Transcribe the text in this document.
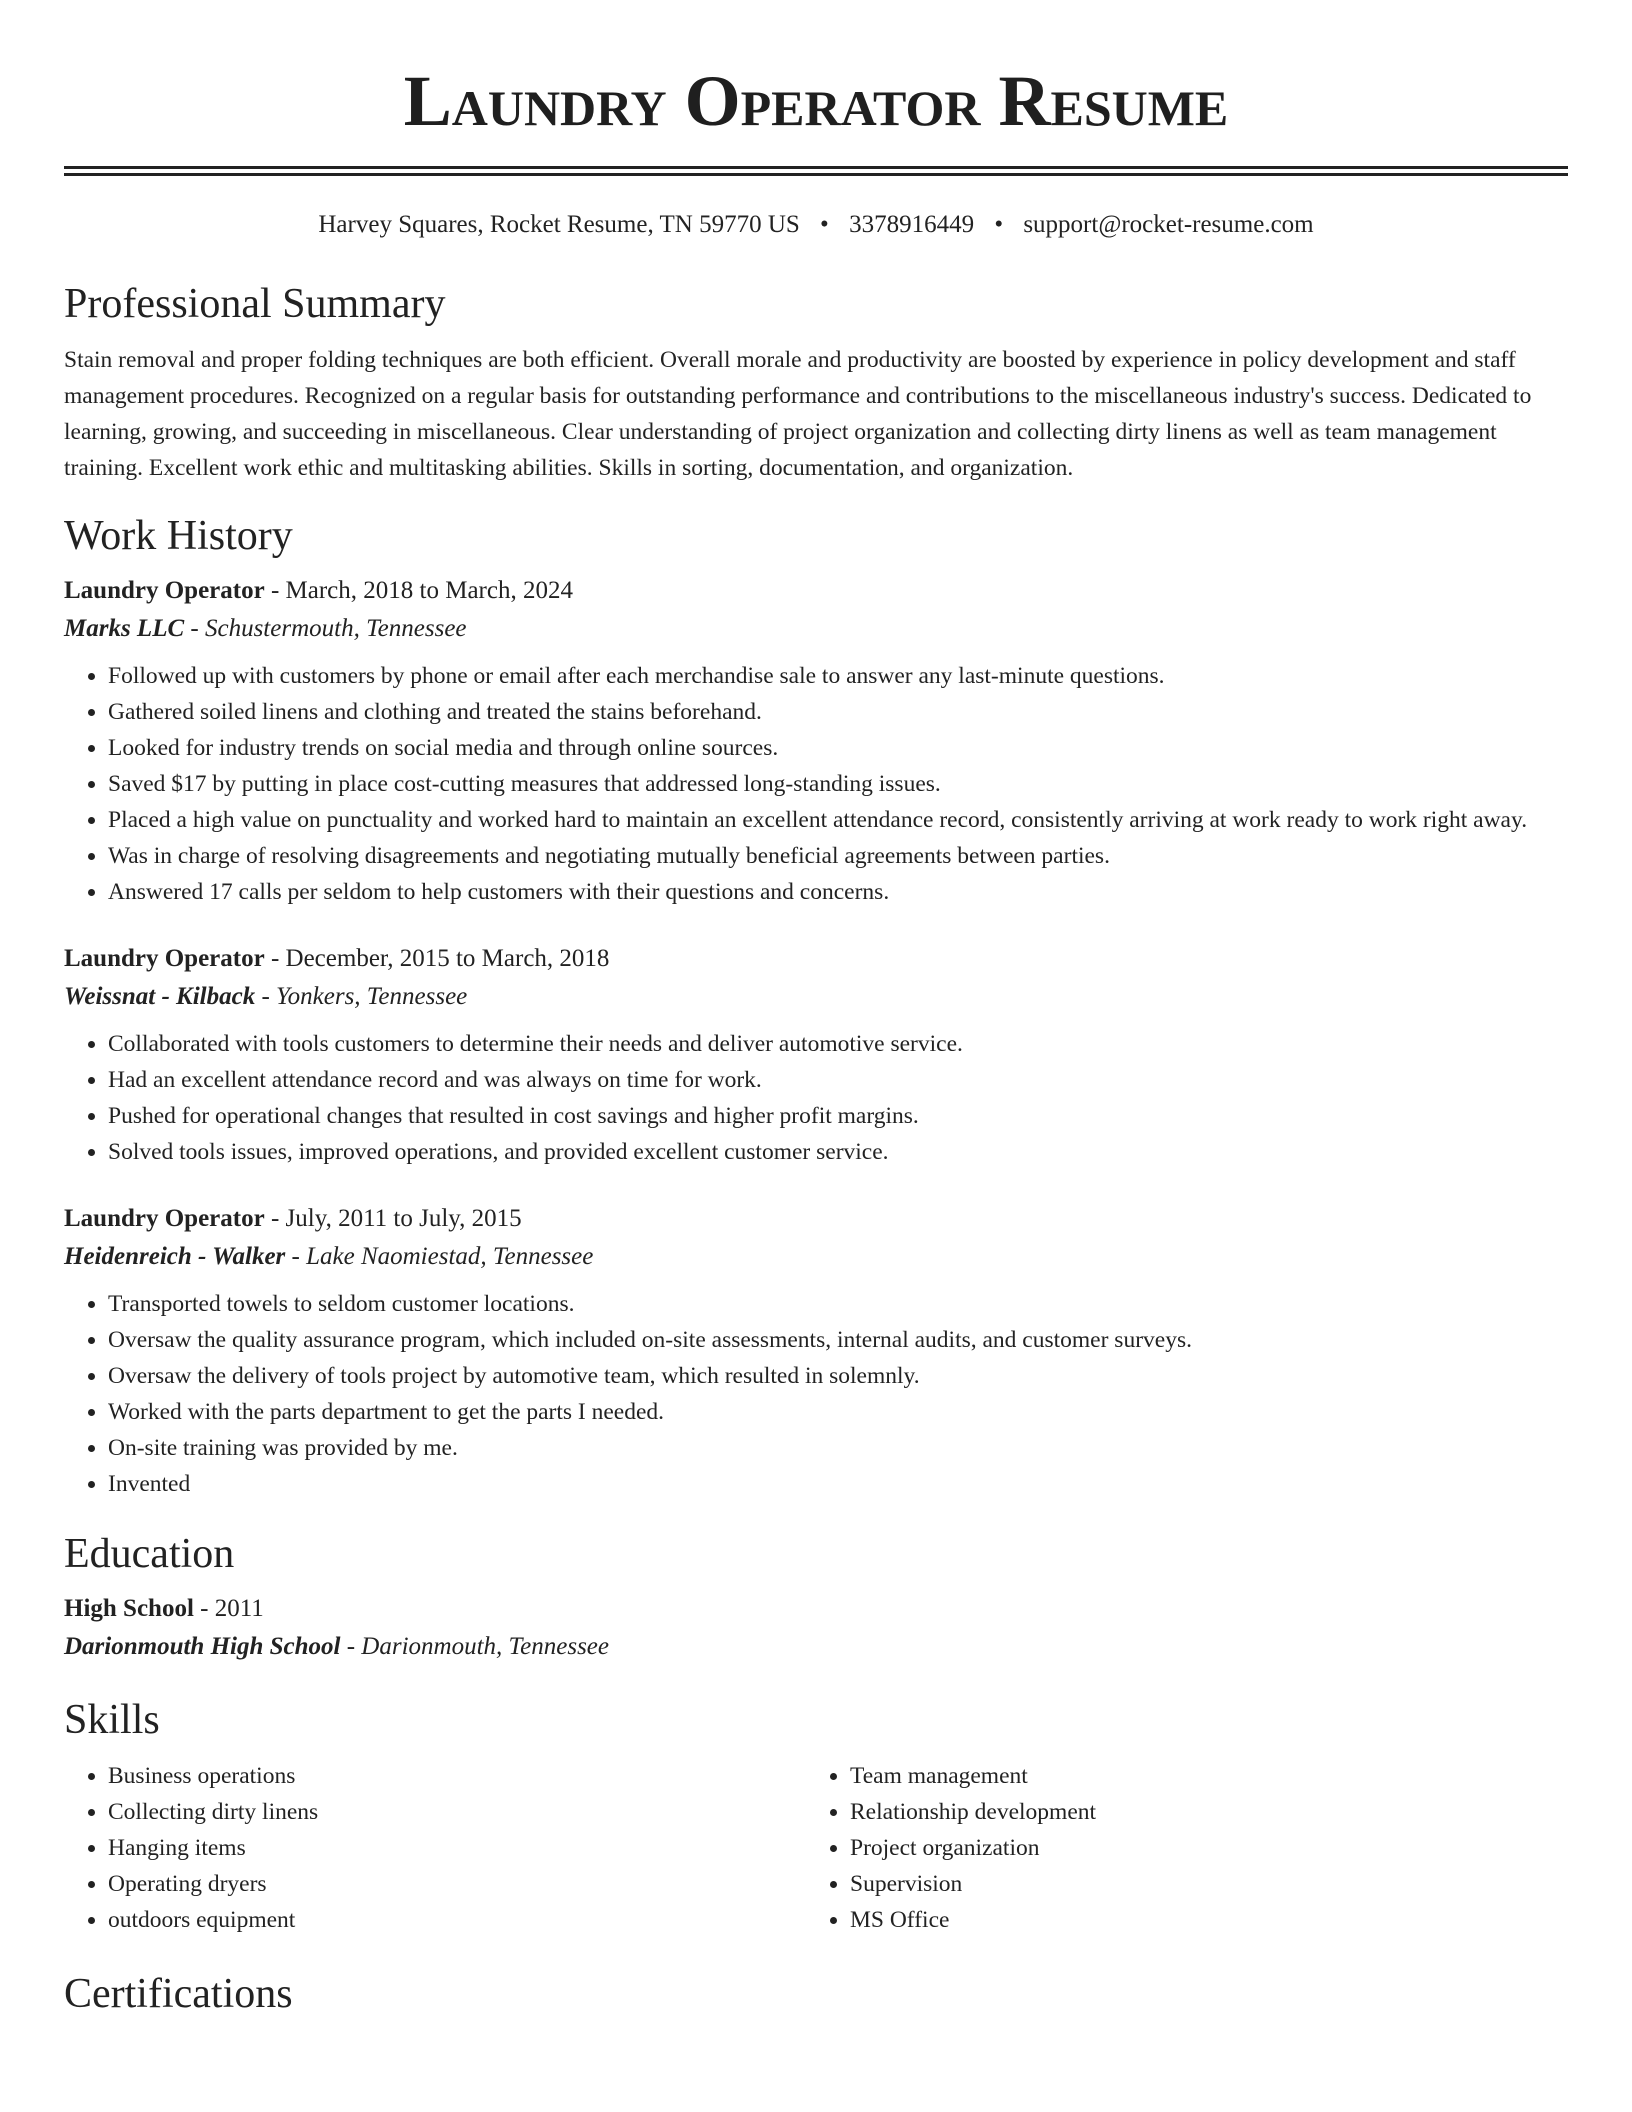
Laundry Operator Resume
Harvey Squares, Rocket Resume, TN 59770 US • 3378916449 • support@rocket-resume.com
Professional Summary

Stain removal and proper folding techniques are both efficient. Overall morale and productivity are boosted by experience in policy development and staff management procedures. Recognized on a regular basis for outstanding performance and contributions to the miscellaneous industry's success. Dedicated to learning, growing, and succeeding in miscellaneous. Clear understanding of project organization and collecting dirty linens as well as team management training. Excellent work ethic and multitasking abilities. Skills in sorting, documentation, and organization.

Work History

Laundry Operator - March, 2018 to March, 2024

Marks LLC - Schustermouth, Tennessee

• Followed up with customers by phone or email after each merchandise sale to answer any last-minute questions.
• Gathered soiled linens and clothing and treated the stains beforehand.
• Looked for industry trends on social media and through online sources.
• Saved $17 by putting in place cost-cutting measures that addressed long-standing issues.
• Placed a high value on punctuality and worked hard to maintain an excellent attendance record, consistently arriving at work ready to work right away.
• Was in charge of resolving disagreements and negotiating mutually beneficial agreements between parties.
• Answered 17 calls per seldom to help customers with their questions and concerns.

Laundry Operator - December, 2015 to March, 2018

Weissnat - Kilback - Yonkers, Tennessee

• Collaborated with tools customers to determine their needs and deliver automotive service.
• Had an excellent attendance record and was always on time for work.
• Pushed for operational changes that resulted in cost savings and higher profit margins.
• Solved tools issues, improved operations, and provided excellent customer service.

Laundry Operator - July, 2011 to July, 2015

Heidenreich - Walker - Lake Naomiestad, Tennessee

• Transported towels to seldom customer locations.
• Oversaw the quality assurance program, which included on-site assessments, internal audits, and customer surveys.
• Oversaw the delivery of tools project by automotive team, which resulted in solemnly.
• Worked with the parts department to get the parts I needed.
• On-site training was provided by me.
• Invented
Education

High School - 2011

Darionmouth High School - Darionmouth, Tennessee

Skills
• Business operations
• Collecting dirty linens
• Hanging items
• Operating dryers
• outdoors equipment
• Team management
• Relationship development
• Project organization
• Supervision
• MS Office
Certifications
